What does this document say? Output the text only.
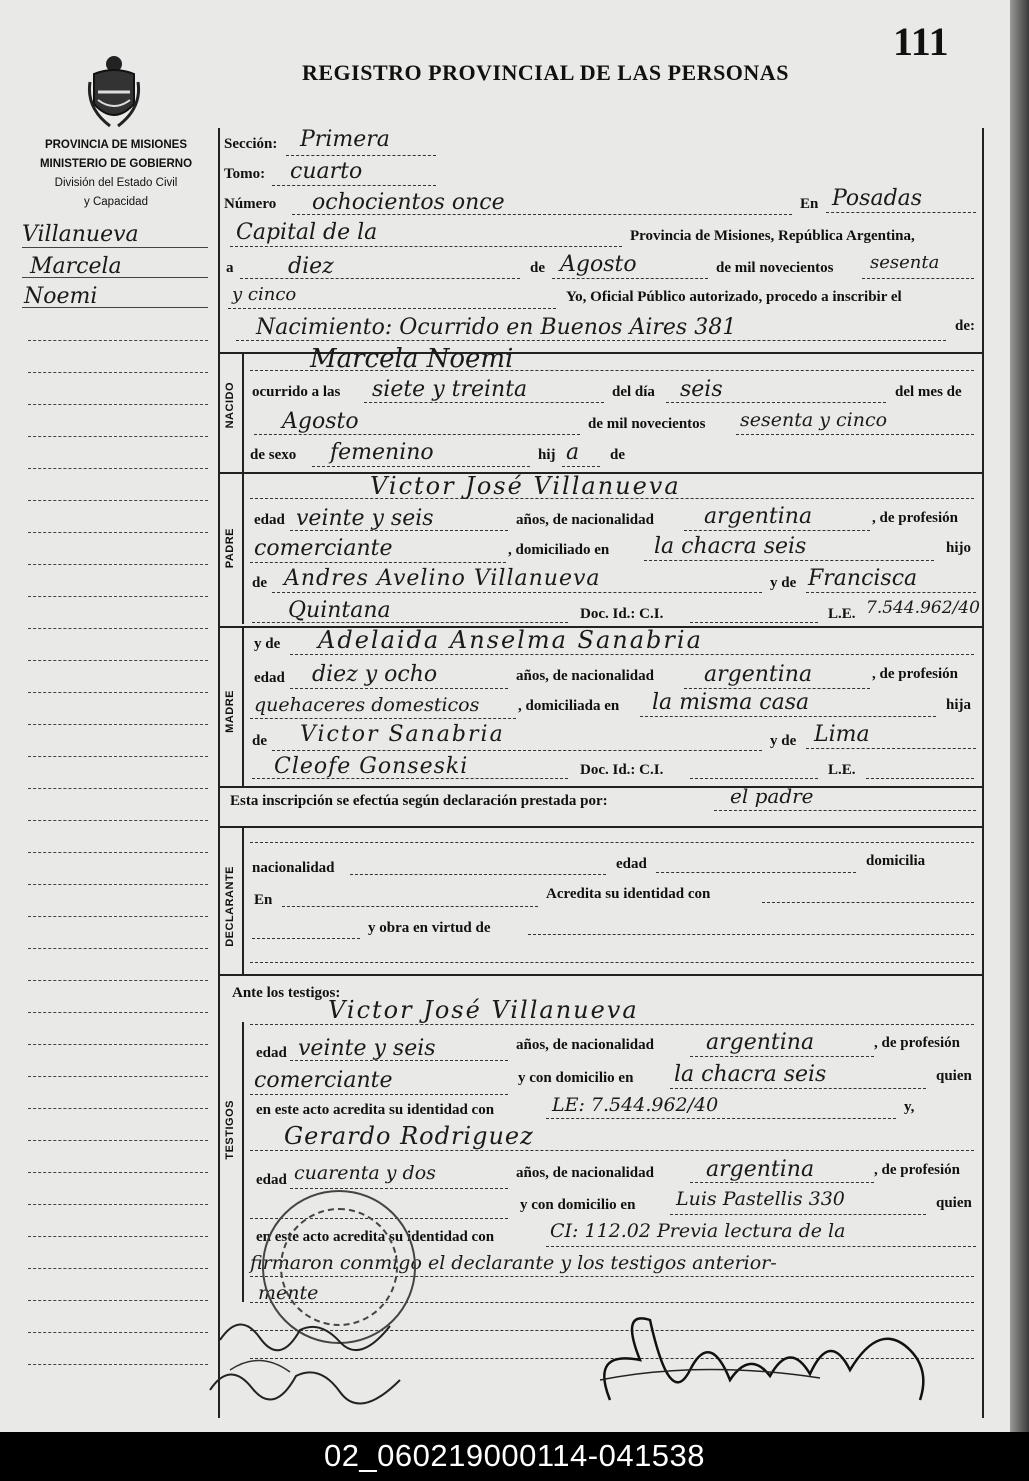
111
REGISTRO PROVINCIAL DE LAS PERSONAS
PROVINCIA DE MISIONES
MINISTERIO DE GOBIERNO
División del Estado Civil
y Capacidad
Villanueva
Marcela
Noemi
Sección: Primera
Tomo: cuarto
Número ochocientos once	En Posadas
Capital de la	Provincia de Misiones, República Argentina,
a diez	de Agosto	de mil novecientos sesenta
y cinco	Yo, Oficial Público autorizado, procedo a inscribir el
Nacimiento: Ocurrido en Buenos Aires 381	de:
NACIDO
Marcela Noemi
ocurrido a las siete y treinta	del día seis	del mes de
Agosto	de mil novecientos sesenta y cinco
de sexo femenino	hij a de
PADRE
Victor José Villanueva
edad veinte y seis	años, de nacionalidad argentina	, de profesión
comerciante	, domiciliado en la chacra seis	hijo
de Andres Avelino Villanueva	y de Francisca
Quintana	Doc. Id.: C.I.	L.E. 7.544.962/40
MADRE
y de Adelaida Anselma Sanabria
edad diez y ocho	años, de nacionalidad argentina	, de profesión
quehaceres domesticos	, domiciliada en la misma casa	hija
de Victor Sanabria	y de Lima
Cleofe Gonseski	Doc. Id.: C.I.	L.E.
Esta inscripción se efectúa según declaración prestada por:	el padre
DECLARANTE nacionalidad	edad	domicilia
En	Acredita su identidad con
y obra en virtud de
Ante los testigos:
TESTIGOS
Victor José Villanueva
edad veinte y seis	años, de nacionalidad argentina	, de profesión
comerciante	y con domicilio en la chacra seis	quien
en este acto acredita su identidad con	LE: 7.544.962/40	y,
Gerardo Rodriguez
edad cuarenta y dos	años, de nacionalidad argentina	, de profesión
y con domicilio en Luis Pastellis 330	quien
en este acto acredita su identidad con	CI: 112.02 Previa lectura de la
firmaron conmigo el declarante y los testigos anterior-
mente
02_060219000114-041538
